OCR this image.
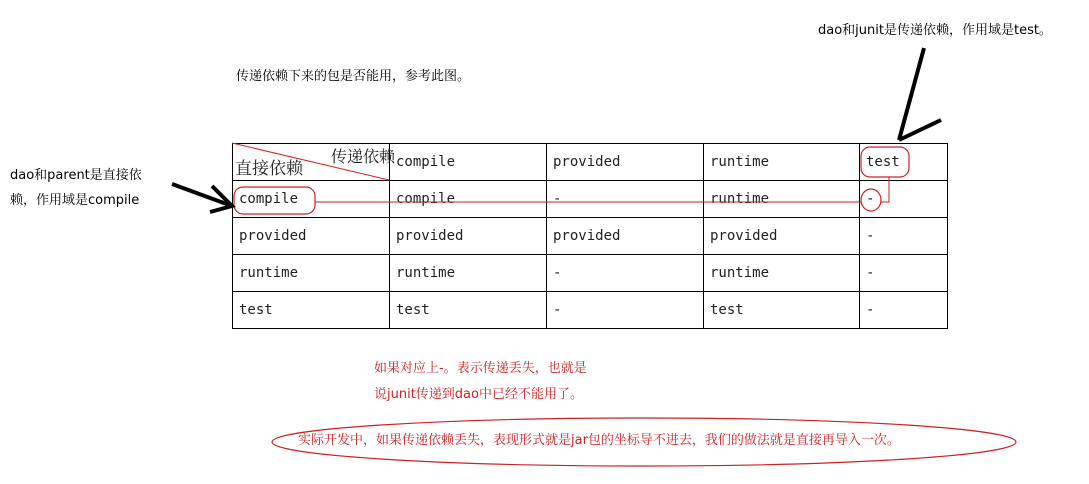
传递依赖下来的包是否能用，参考此图。
dao和junit是传递依赖，作用域是test。
dao和parent是直接依
赖，作用域是compile
直接依赖
传递依赖	compile	provided	runtime	test
compile	compile	-	runtime	-
provided	provided	provided	provided	-
runtime	runtime	-	runtime	-
test	test	-	test	-
如果对应上-。表示传递丢失，也就是
说junit传递到dao中已经不能用了。
实际开发中，如果传递依赖丢失，表现形式就是jar包的坐标导不进去，我们的做法就是直接再导入一次。
